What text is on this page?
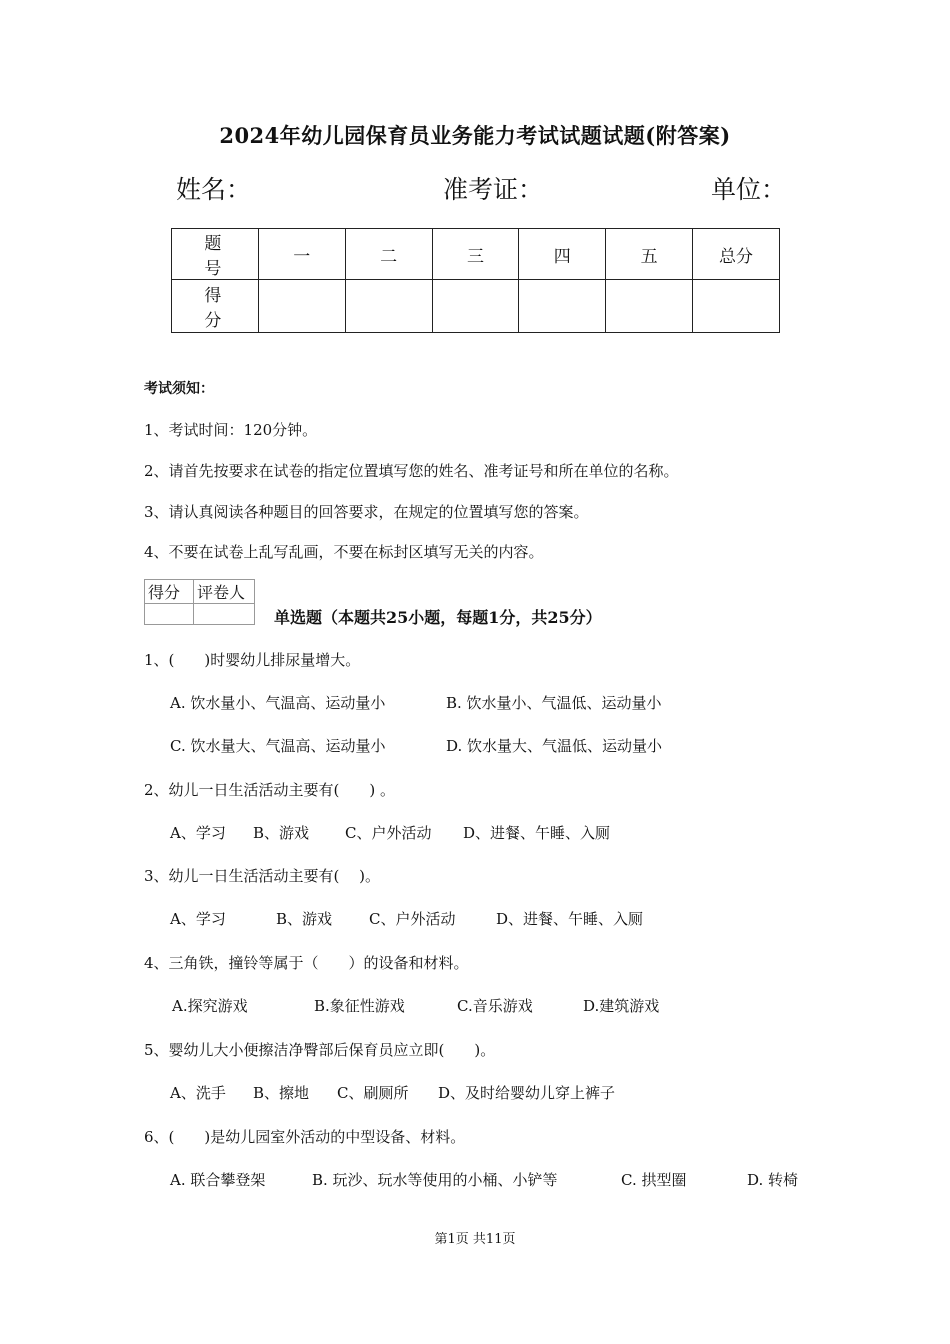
2024年幼儿园保育员业务能力考试试题试题(附答案)
姓名：	准考证：	单位：
题　号	一	二	三	四	五	总分
得　分						
考试须知：
1、考试时间：120分钟。
2、请首先按要求在试卷的指定位置填写您的姓名、准考证号和所在单位的名称。
3、请认真阅读各种题目的回答要求，在规定的位置填写您的答案。
4、不要在试卷上乱写乱画，不要在标封区填写无关的内容。
得分	评卷人

单选题（本题共25小题，每题1分，共25分）
1、(　　)时婴幼儿排尿量增大。
A. 饮水量小、气温高、运动量小	B. 饮水量小、气温低、运动量小
C. 饮水量大、气温高、运动量小	D. 饮水量大、气温低、运动量小
2、幼儿一日生活活动主要有(　　) 。
A、学习 B、游戏 C、户外活动 D、进餐、午睡、入厕
3、幼儿一日生活活动主要有(　 )。
A、学习	B、游戏 C、户外活动	D、进餐、午睡、入厕
4、三角铁，撞铃等属于（　　）的设备和材料。
A.探究游戏	B.象征性游戏	C.音乐游戏	D.建筑游戏
5、婴幼儿大小便擦洁净臀部后保育员应立即(　　)。
A、洗手 B、擦地 C、刷厕所 D、及时给婴幼儿穿上裤子
6、(　　)是幼儿园室外活动的中型设备、材料。
A. 联合攀登架	B. 玩沙、玩水等使用的小桶、小铲等	C. 拱型圈	D. 转椅
第1页 共11页
